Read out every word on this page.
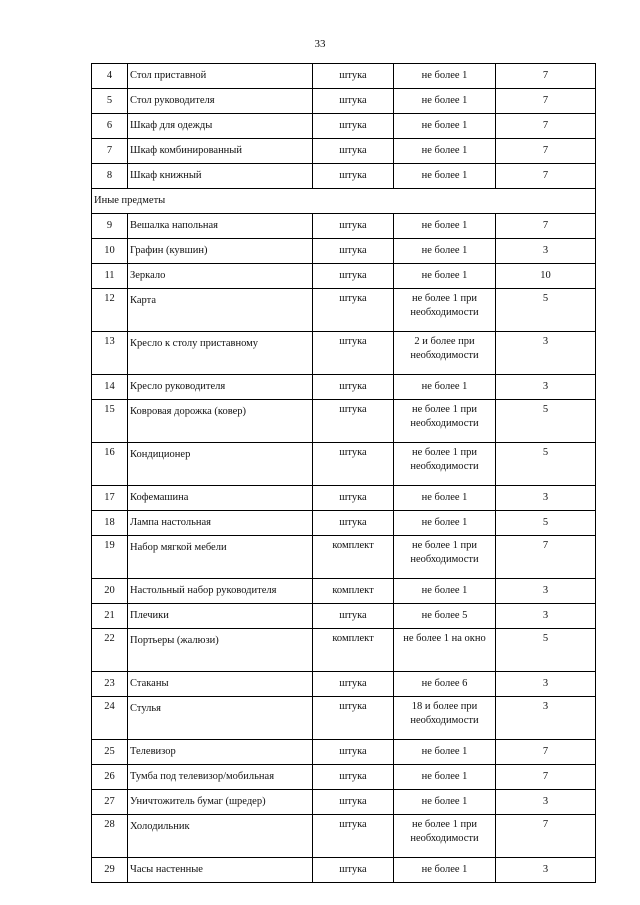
33
4	Стол приставной	штука	не более 1	7
5	Стол руководителя	штука	не более 1	7
6	Шкаф для одежды	штука	не более 1	7
7	Шкаф комбинированный	штука	не более 1	7
8	Шкаф книжный	штука	не более 1	7
Иные предметы				
9	Вешалка напольная	штука	не более 1	7
10	Графин (кувшин)	штука	не более 1	3
11	Зеркало	штука	не более 1	10
12	Карта	штука	не более 1 при необходимости	5
13	Кресло к столу приставному	штука	2 и более при необходимости	3
14	Кресло руководителя	штука	не более 1	3
15	Ковровая дорожка (ковер)	штука	не более 1 при необходимости	5
16	Кондиционер	штука	не более 1 при необходимости	5
17	Кофемашина	штука	не более 1	3
18	Лампа настольная	штука	не более 1	5
19	Набор мягкой мебели	комплект	не более 1 при необходимости	7
20	Настольный набор руководителя	комплект	не более 1	3
21	Плечики	штука	не более 5	3
22	Портьеры (жалюзи)	комплект	не более 1 на окно	5
23	Стаканы	штука	не более 6	3
24	Стулья	штука	18 и более при необходимости	3
25	Телевизор	штука	не более 1	7
26	Тумба под телевизор/мобильная	штука	не более 1	7
27	Уничтожитель бумаг (шредер)	штука	не более 1	3
28	Холодильник	штука	не более 1 при необходимости	7
29	Часы настенные	штука	не более 1	3
